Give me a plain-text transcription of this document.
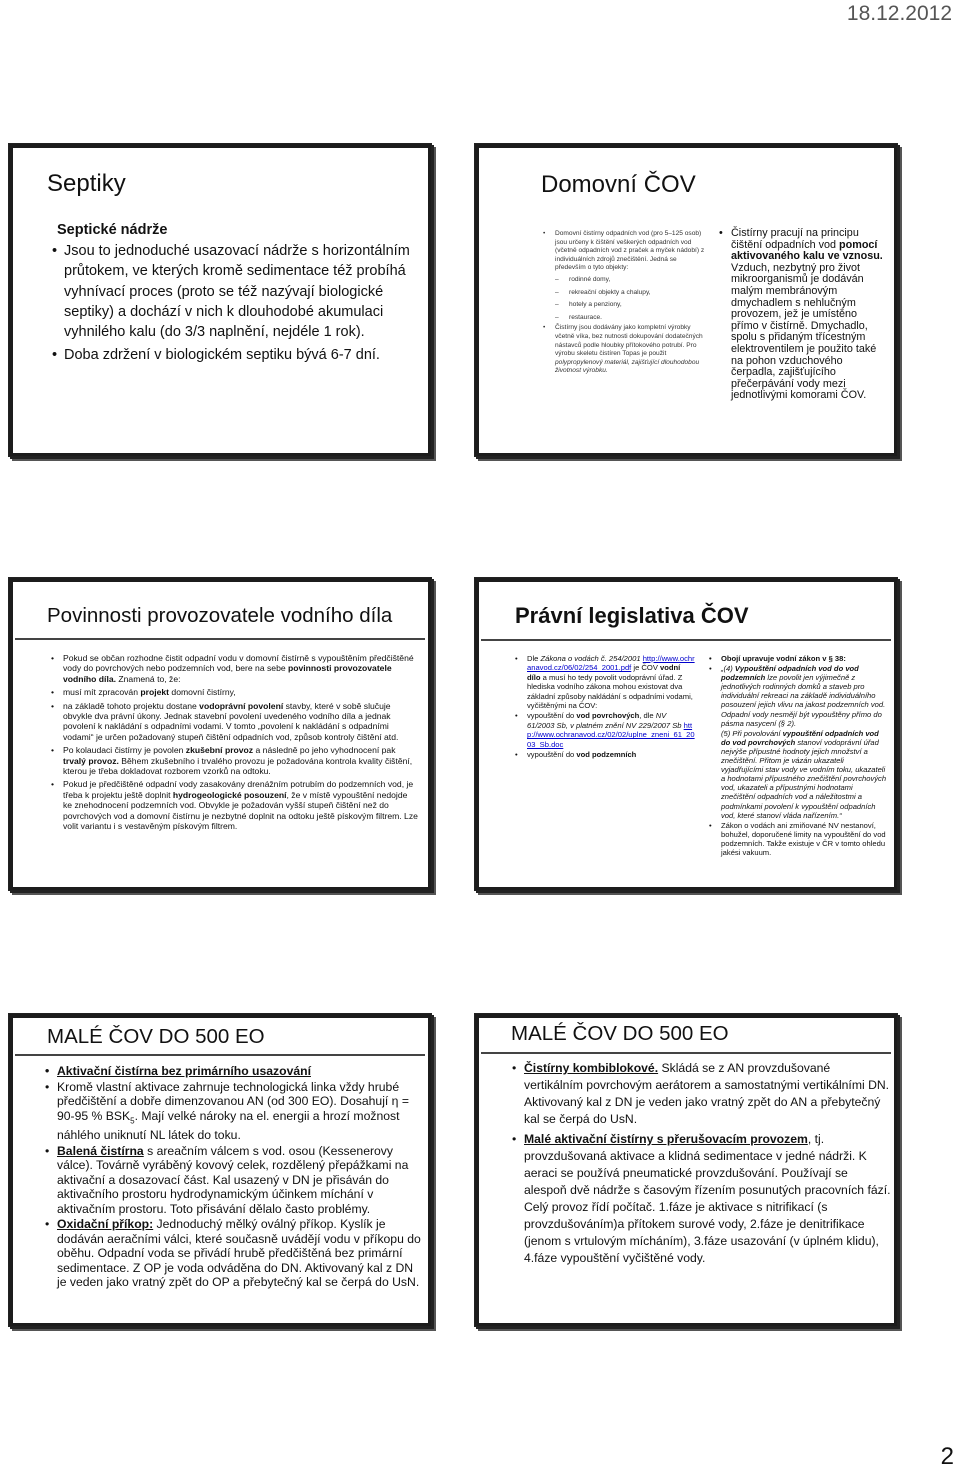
18.12.2012
Septiky
Septické nádrže
• Jsou to jednoduché usazovací nádrže s horizontálním průtokem, ve kterých kromě sedimentace též probíhá vyhnívací proces (proto se též nazývají biologické septiky) a dochází v nich k dlouhodobé akumulaci vyhnilého kalu (do 3/3 naplnění, nejdéle 1 rok).
• Doba zdržení v biologickém septiku bývá 6-7 dní.
Domovní ČOV
• Domovní čistírny odpadních vod (pro 5–125 osob) jsou určeny k čištění veškerých odpadních vod (včetně odpadních vod z praček a myček nádobí) z individuálních zdrojů znečištění. Jedná se především o tyto objekty:
– rodinné domy,
– rekreační objekty a chalupy,
– hotely a penziony,
– restaurace.
• Čistírny jsou dodávány jako kompletní výrobky včetně víka, bez nutnosti dokupování dodatečných nástavců podle hloubky přítokového potrubí. Pro výrobu skeletu čistíren Topas je použit polypropylenový materiál, zajišťující dlouhodobou životnost výrobku.
• Čistírny pracují na principu čištění odpadních vod pomocí aktivovaného kalu ve vznosu. Vzduch, nezbytný pro život mikroorganismů je dodáván malým membránovým dmychadlem s nehlučným provozem, jež je umístěno přímo v čistírně. Dmychadlo, spolu s přidaným třícestným elektroventilem je použito také na pohon vzduchového čerpadla, zajišťujícího přečerpávání vody mezi jednotlivými komorami ČOV.
Povinnosti provozovatele vodního díla
• Pokud se občan rozhodne čistit odpadní vodu v domovní čistírně s vypouštěním předčištěné vody do povrchových nebo podzemních vod, bere na sebe povinnosti provozovatele vodního díla. Znamená to, že:
• musí mít zpracován projekt domovní čistírny,
• na základě tohoto projektu dostane vodoprávní povolení stavby, které v sobě slučuje obvykle dva právní úkony. Jednak stavební povolení uvedeného vodního díla a jednak povolení k nakládání s odpadními vodami. V tomto „povolení k nakládání s odpadními vodami“ je určen požadovaný stupeň čištění odpadních vod, způsob kontroly čištění atd.
• Po kolaudaci čistírny je povolen zkušební provoz a následně po jeho vyhodnocení pak trvalý provoz. Během zkušebního i trvalého provozu je požadována kontrola kvality čištění, kterou je třeba dokladovat rozborem vzorků na odtoku.
• Pokud je předčištěné odpadní vody zasakovány drenážním potrubím do podzemních vod, je třeba k projektu ještě doplnit hydrogeologické posouzení, že v místě vypouštění nedojde ke znehodnocení podzemních vod. Obvykle je požadován vyšší stupeň čištění než do povrchových vod a domovní čistírnu je nezbytné doplnit na odtoku ještě pískovým filtrem. Lze volit variantu i s vestavěným pískovým filtrem.
Právní legislativa ČOV
• Dle Zákona o vodách č. 254/2001 http://www.ochranavod.cz/06/02/254_2001.pdf je ČOV vodní dílo a musí ho tedy povolit vodoprávní úřad. Z hlediska vodního zákona mohou existovat dva základní způsoby nakládání s odpadními vodami, vyčištěnými na ČOV:
• vypouštění do vod povrchových, dle NV 61/2003 Sb, v platném znění NV 229/2007 Sb http://www.ochranavod.cz/02/02/uplne_zneni_61_2003_Sb.doc
• vypouštění do vod podzemních
• Obojí upravuje vodní zákon v § 38:
• „(4) Vypouštění odpadních vod do vod podzemních lze povolit jen výjimečně z jednotlivých rodinných domků a staveb pro individuální rekreaci na základě individuálního posouzení jejich vlivu na jakost podzemních vod. Odpadní vody nesmějí být vypouštěny přímo do pásma nasycení (§ 2).
(5) Při povolování vypouštění odpadních vod do vod povrchových stanoví vodoprávní úřad nejvýše přípustné hodnoty jejich množství a znečištění. Přitom je vázán ukazateli vyjadřujícími stav vody ve vodním toku, ukazateli a hodnotami přípustného znečištění povrchových vod, ukazateli a přípustnými hodnotami znečištění odpadních vod a náležitostmi a podmínkami povolení k vypouštění odpadních vod, které stanoví vláda nařízením.“
• Zákon o vodách ani zmiňované NV nestanoví, bohužel, doporučené limity na vypouštění do vod podzemních. Takže existuje v ČR v tomto ohledu jakési vakuum.
MALÉ ČOV DO 500 EO
• Aktivační čistírna bez primárního usazování
• Kromě vlastní aktivace zahrnuje technologická linka vždy hrubé předčištění a dobře dimenzovanou AN (od 300 EO). Dosahují η = 90-95 % $BSK_5$. Mají velké nároky na el. energii a hrozí možnost náhlého uniknutí NL látek do toku.
• Balená čistírna s areačním válcem s vod. osou (Kessenerovy válce). Továrně vyráběný kovový celek, rozdělený přepážkami na aktivační a dosazovací část. Kal usazený v DN je přisáván do aktivačního prostoru hydrodynamickým účinkem míchání v aktivačním prostoru. Toto přisávání dělalo často problémy.
• Oxidační příkop: Jednoduchý mělký oválný příkop. Kyslík je dodáván aeračními válci, které současně uvádějí vodu v příkopu do oběhu. Odpadní voda se přivádí hrubě předčištěná bez primární sedimentace. Z OP je voda odváděna do DN. Aktivovaný kal z DN je veden jako vratný zpět do OP a přebytečný kal se čerpá do UsN.
MALÉ ČOV DO 500 EO
• Čistírny kombiblokové. Skládá se z AN provzdušované vertikálním povrchovým aerátorem a samostatnými vertikálními DN. Aktivovaný kal z DN je veden jako vratný zpět do AN a přebytečný kal se čerpá do UsN.
• Malé aktivační čistírny s přerušovacím provozem, tj. provzdušovaná aktivace a klidná sedimentace v jedné nádrži. K aeraci se používá pneumatické provzdušování. Používají se alespoň dvě nádrže s časovým řízením posunutých pracovních fází. Celý provoz řídí počítač. 1.fáze je aktivace s nitrifikací (s provzdušováním)a přítokem surové vody, 2.fáze je denitrifikace (jenom s vrtulovým mícháním), 3.fáze usazování (v úplném klidu), 4.fáze vypouštění vyčištěné vody.
2
